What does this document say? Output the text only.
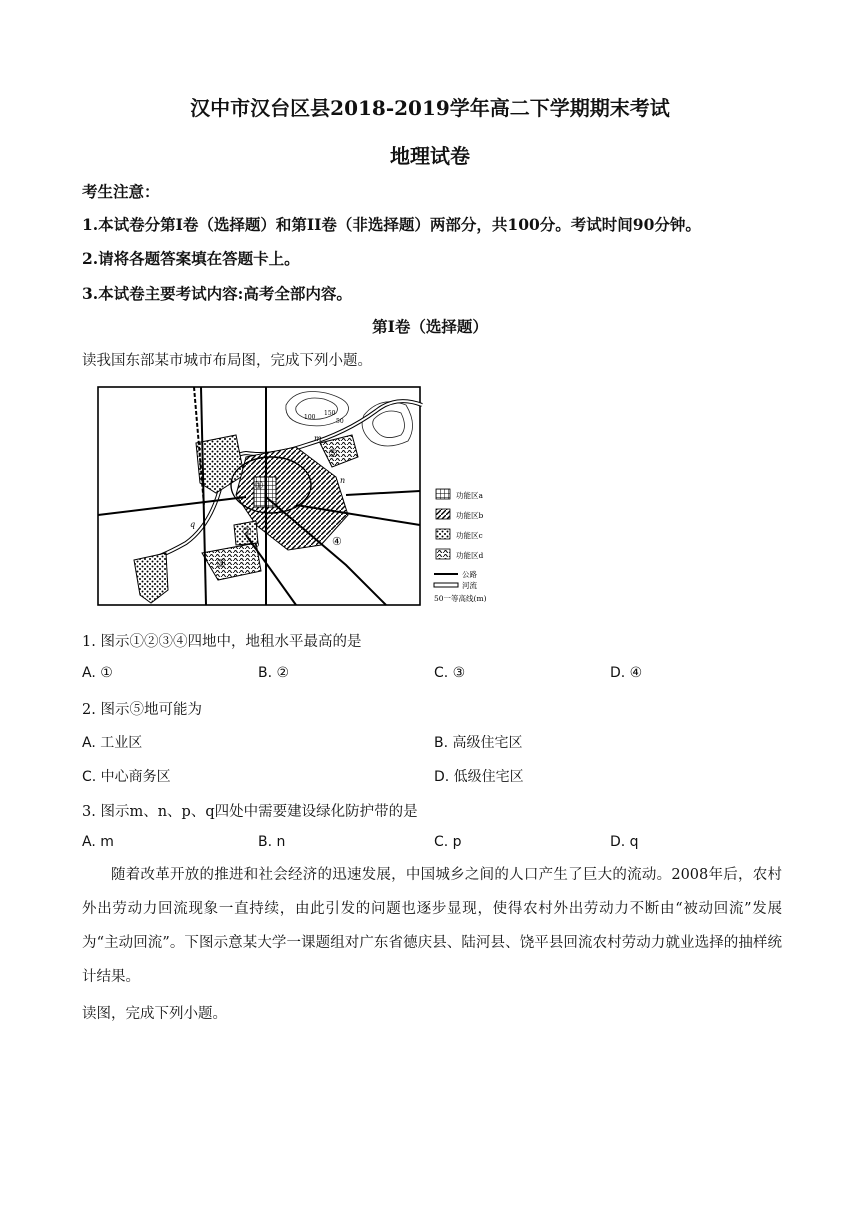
汉中市汉台区县2018-2019学年高二下学期期末考试
地理试卷
考生注意：
1.本试卷分第Ⅰ卷（选择题）和第II卷（非选择题）两部分，共100分。考试时间90分钟。
2.请将各题答案填在答题卡上。
3.本试卷主要考试内容:高考全部内容。
第Ⅰ卷（选择题）
读我国东部某市城市布局图，完成下列小题。
100
150
50
①
②
③
④
⑤
m
n
p
q
功能区a
功能区b
功能区c
功能区d
公路
河流
50一等高线(m)
1. 图示①②③④四地中，地租水平最高的是
A. ①	B. ②	C. ③	D. ④
2. 图示⑤地可能为
A. 工业区	B. 高级住宅区
C. 中心商务区	D. 低级住宅区
3. 图示m、n、p、q四处中需要建设绿化防护带的是
A. m	B. n	C. p	D. q
随着改革开放的推进和社会经济的迅速发展，中国城乡之间的人口产生了巨大的流动。2008年后，农村外出劳动力回流现象一直持续，由此引发的问题也逐步显现，使得农村外出劳动力不断由“被动回流”发展为“主动回流”。下图示意某大学一课题组对广东省德庆县、陆河县、饶平县回流农村劳动力就业选择的抽样统计结果。
读图，完成下列小题。
